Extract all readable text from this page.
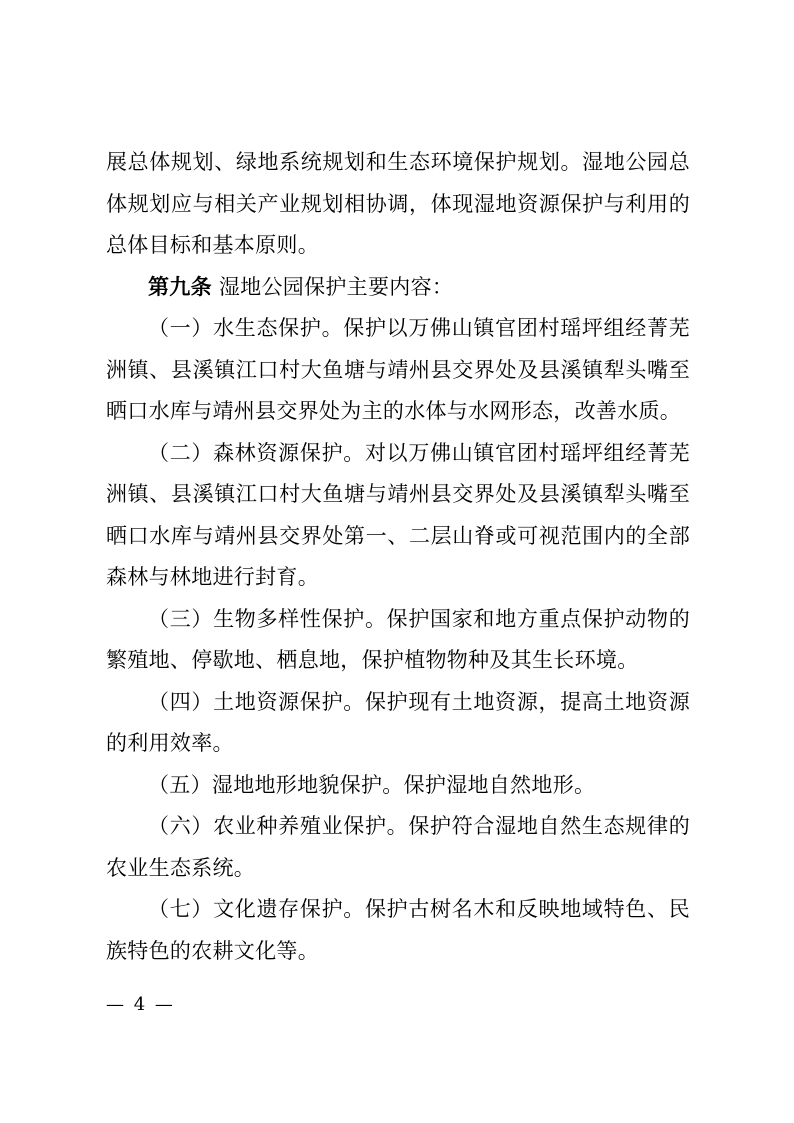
展总体规划、绿地系统规划和生态环境保护规划。湿地公园总体规划应与相关产业规划相协调，体现湿地资源保护与利用的总体目标和基本原则。

第九条 湿地公园保护主要内容：

（一）水生态保护。保护以万佛山镇官团村瑶坪组经菁芜洲镇、县溪镇江口村大鱼塘与靖州县交界处及县溪镇犁头嘴至晒口水库与靖州县交界处为主的水体与水网形态，改善水质。

（二）森林资源保护。对以万佛山镇官团村瑶坪组经菁芜洲镇、县溪镇江口村大鱼塘与靖州县交界处及县溪镇犁头嘴至晒口水库与靖州县交界处第一、二层山脊或可视范围内的全部森林与林地进行封育。

（三）生物多样性保护。保护国家和地方重点保护动物的繁殖地、停歇地、栖息地，保护植物物种及其生长环境。

（四）土地资源保护。保护现有土地资源，提高土地资源的利用效率。

（五）湿地地形地貌保护。保护湿地自然地形。

（六）农业种养殖业保护。保护符合湿地自然生态规律的农业生态系统。

（七）文化遗存保护。保护古树名木和反映地域特色、民族特色的农耕文化等。

— 4 —
